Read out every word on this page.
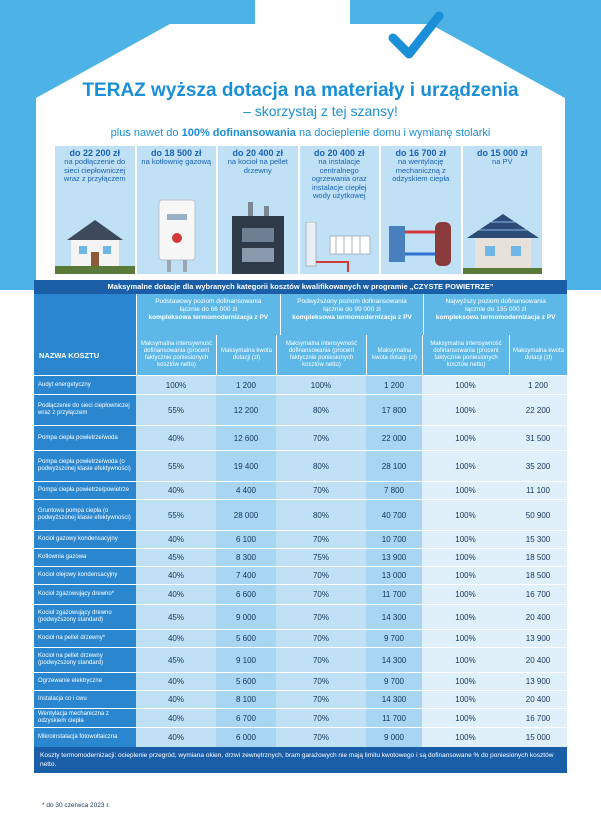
TERAZ wyższa dotacja na materiały i urządzenia
– skorzystaj z tej szansy!
plus nawet do 100% dofinansowania na docieplenie domu i wymianę stolarki
do 22 200 zł
na podłączenie do sieci ciepłowniczej wraz z przyłączem
do 18 500 zł
na kotłownię gazową
do 20 400 zł
na kocioł na pellet drzewny
do 20 400 zł
na instalacje centralnego ogrzewania oraz instalacje ciepłej wody użytkowej
do 16 700 zł
na wentylację mechaniczną z odzyskiem ciepła
do 15 000 zł
na PV
Maksymalne dotacje dla wybranych kategorii kosztów kwalifikowanych w programie „CZYSTE POWIETRZE”
Podstawowy poziom dofinansowania
łącznie do 66 000 zł
kompleksowa termomodernizacja z PV
Podwyższony poziom dofinansowania
łącznie do 99 000 zł
kompleksowa termomodernizacja z PV
Najwyższy poziom dofinansowania
łącznie do 135 000 zł
kompleksowa termomodernizacja z PV
NAZWA KOSZTU
Maksymalna intensywność dofinansowania (procent faktycznie poniesionych kosztów netto)
Maksymalna kwota dotacji (zł)
Maksymalna intensywność dofinansowania (procent faktycznie poniesionych kosztów netto)
Maksymalna kwota dotacji (zł)
Maksymalna intensywność dofinansowania (procent faktycznie poniesionych kosztów netto)
Maksymalna kwota dotacji (zł)
Audyt energetyczny	100%	1 200	100%	1 200	100%	1 200
Podłączenie do sieci ciepłowniczej wraz z przyłączem	55%	12 200	80%	17 800	100%	22 200
Pompa ciepła powietrze/woda	40%	12 600	70%	22 000	100%	31 500
Pompa ciepła powietrze/woda (o podwyższonej klasie efektywności)	55%	19 400	80%	28 100	100%	35 200
Pompa ciepła powietrze/powietrze	40%	4 400	70%	7 800	100%	11 100
Gruntowa pompa ciepła (o podwyższonej klasie efektywności)	55%	28 000	80%	40 700	100%	50 900
Kocioł gazowy kondensacyjny	40%	6 100	70%	10 700	100%	15 300
Kotłownia gazowa	45%	8 300	75%	13 900	100%	18 500
Kocioł olejowy kondensacyjny	40%	7 400	70%	13 000	100%	18 500
Kocioł zgazowujący drewno*	40%	6 600	70%	11 700	100%	16 700
Kocioł zgazowujący drewno (podwyższony standard)	45%	9 000	70%	14 300	100%	20 400
Kocioł na pellet drzewny*	40%	5 600	70%	9 700	100%	13 900
Kocioł na pellet drzewny (podwyższony standard)	45%	9 100	70%	14 300	100%	20 400
Ogrzewanie elektryczne	40%	5 600	70%	9 700	100%	13 900
Instalacja co i cwu	40%	8 100	70%	14 300	100%	20 400
Wentylacja mechaniczna z odzyskiem ciepła	40%	6 700	70%	11 700	100%	16 700
Mikroinstalacja fotowoltaiczna	40%	6 000	70%	9 000	100%	15 000
Koszty termomodernizacji: ocieplenie przegród, wymiana okien, drzwi zewnętrznych, bram garażowych nie mają limitu kwotowego i są dofinansowane % do poniesionych kosztów netto.
* do 30 czerwca 2023 r.
